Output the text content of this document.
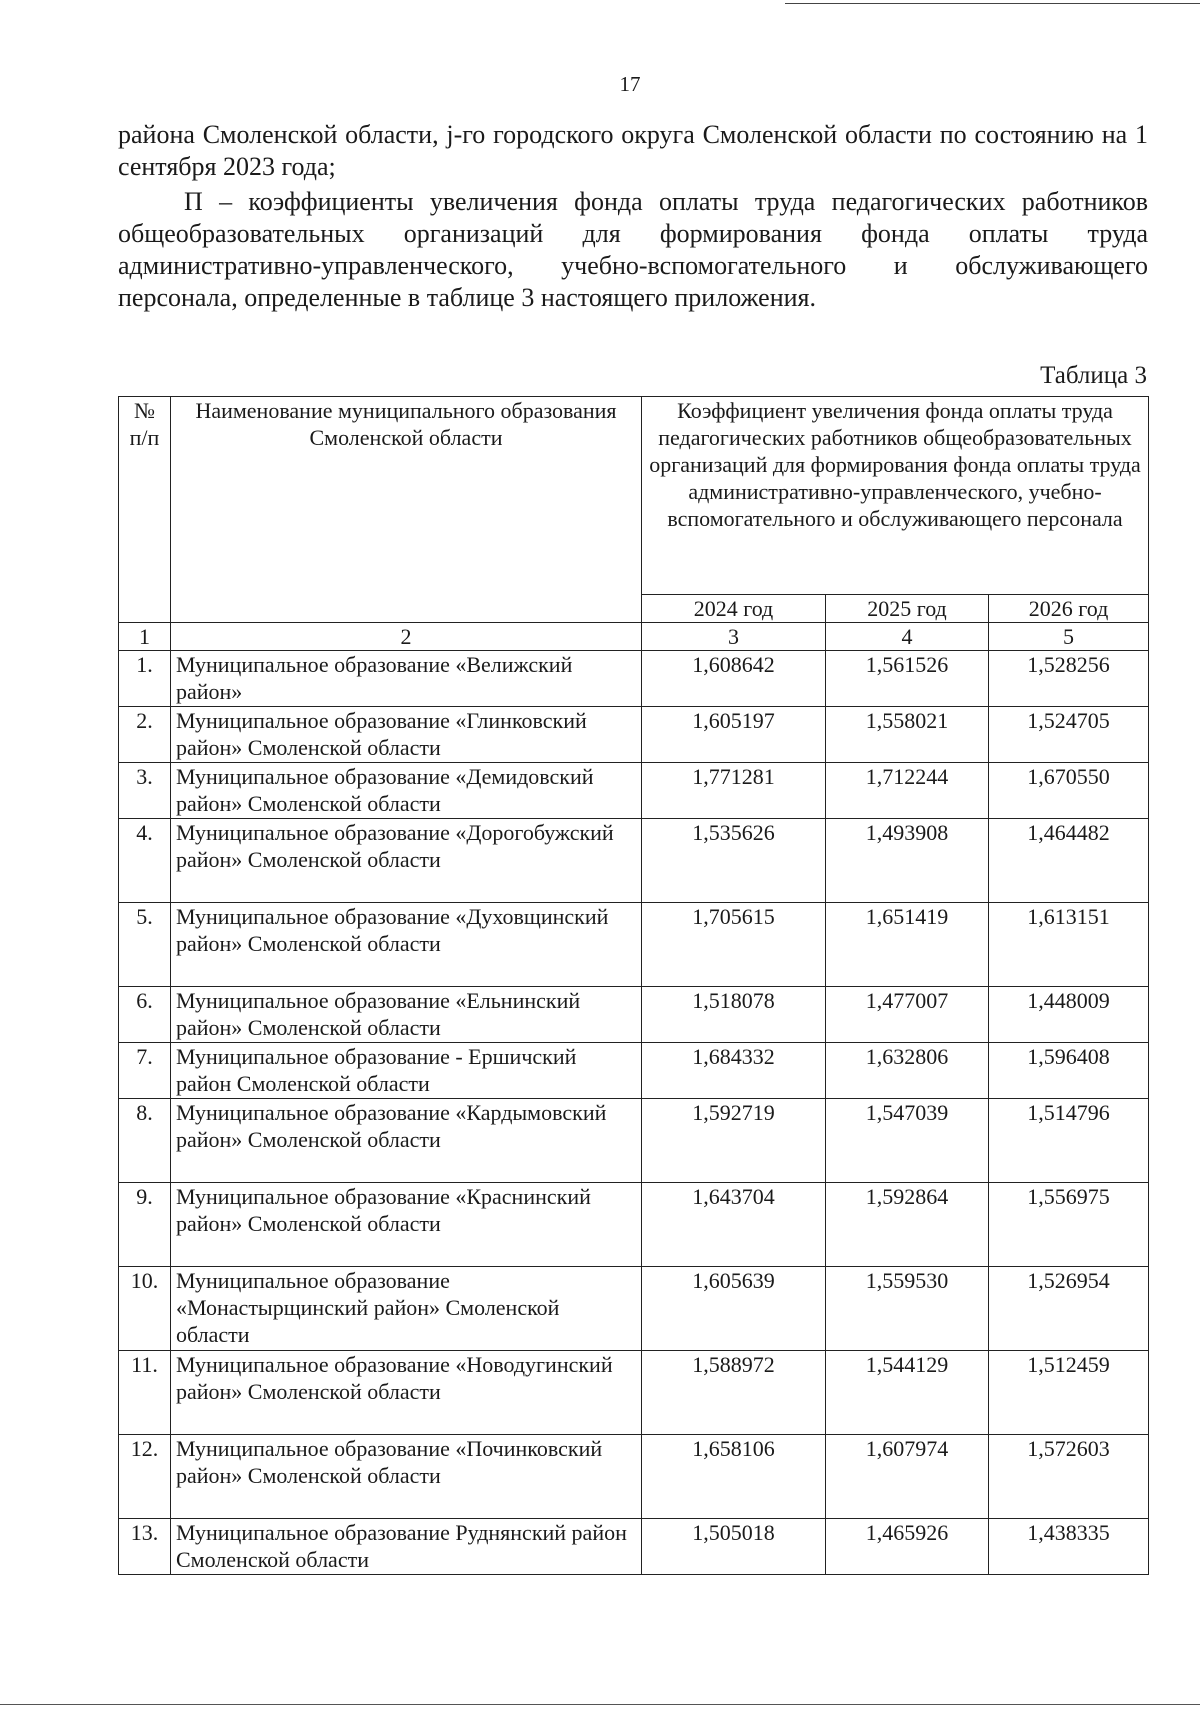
17
района Смоленской области, j-го городского округа Смоленской области по состоянию на 1 сентября 2023 года;
П – коэффициенты увеличения фонда оплаты труда педагогических работников общеобразовательных организаций для формирования фонда оплаты труда административно-управленческого, учебно-вспомогательного и обслуживающего персонала, определенные в таблице 3 настоящего приложения.
Таблица 3
№ п/п	Наименование муниципального образования Смоленской области	Коэффициент увеличения фонда оплаты труда педагогических работников общеобразовательных организаций для формирования фонда оплаты труда административно-управленческого, учебно-вспомогательного и обслуживающего персонала		
		2024 год	2025 год	2026 год
1	2	3	4	5
1.	Муниципальное образование «Велижский район»	1,608642	1,561526	1,528256
2.	Муниципальное образование «Глинковский район» Смоленской области	1,605197	1,558021	1,524705
3.	Муниципальное образование «Демидовский район» Смоленской области	1,771281	1,712244	1,670550
4.	Муниципальное образование «Дорогобужский район» Смоленской области	1,535626	1,493908	1,464482
5.	Муниципальное образование «Духовщинский район» Смоленской области	1,705615	1,651419	1,613151
6.	Муниципальное образование «Ельнинский район» Смоленской области	1,518078	1,477007	1,448009
7.	Муниципальное образование - Ершичский район Смоленской области	1,684332	1,632806	1,596408
8.	Муниципальное образование «Кардымовский район» Смоленской области	1,592719	1,547039	1,514796
9.	Муниципальное образование «Краснинский район» Смоленской области	1,643704	1,592864	1,556975
10.	Муниципальное образование «Монастырщинский район» Смоленской области	1,605639	1,559530	1,526954
11.	Муниципальное образование «Новодугинский район» Смоленской области	1,588972	1,544129	1,512459
12.	Муниципальное образование «Починковский район» Смоленской области	1,658106	1,607974	1,572603
13.	Муниципальное образование Руднянский район Смоленской области	1,505018	1,465926	1,438335
